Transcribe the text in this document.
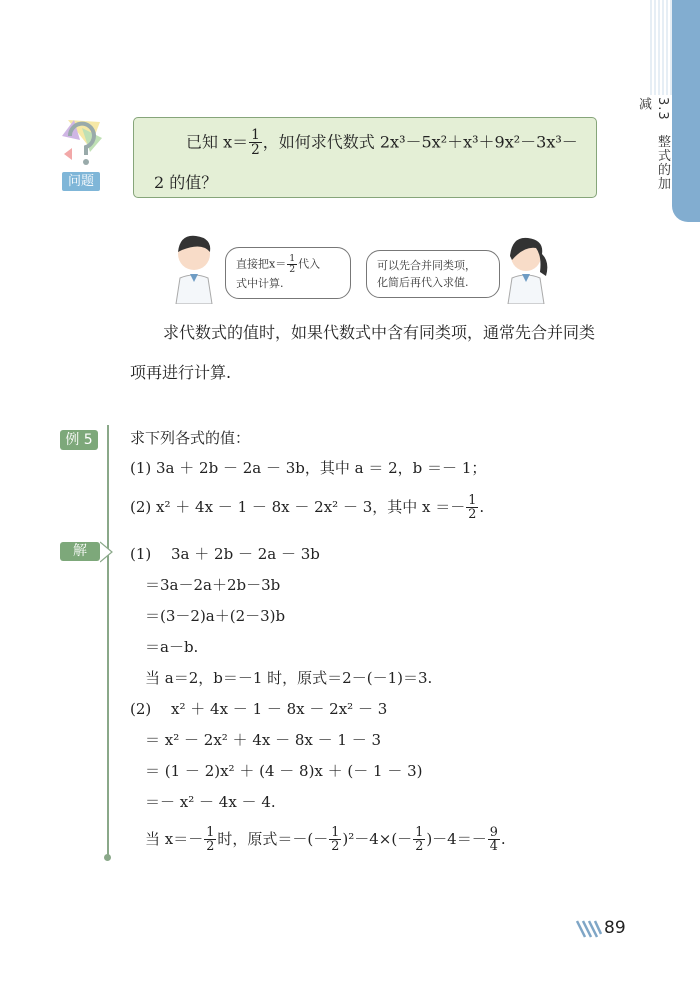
3.3　整式的加减
问题
已知 $x= \frac{1}{2}$ ，如何求代数式 2x³－5x²＋x³＋9x²－3x³－
2 的值？
直接把$x= \frac{1}{2}$ 代入
式中计算.
可以先合并同类项，
化简后再代入求值.
求代数式的值时，如果代数式中含有同类项，通常先合并同类
项再进行计算.
例 5	求下列各式的值：
(1) 3a ＋ 2b － 2a － 3b，其中 a ＝ 2，b ＝－ 1；
(2) x² ＋ 4x － 1 － 8x － 2x² － 3，其中 $x =- \frac{1}{2}$ .
解	(1)　 3a ＋ 2b － 2a － 3b
＝3a－2a＋2b－3b
＝(3－2)a＋(2－3)b
＝a－b.
当 a＝2，b＝－1 时，原式＝2－(－1)＝3.
(2)　 x² ＋ 4x － 1 － 8x － 2x² － 3
＝ x² － 2x² ＋ 4x － 8x － 1 － 3
＝ (1 － 2)x² ＋ (4 － 8)x ＋ (－ 1 － 3)
＝－ x² － 4x － 4.
当 $x=- \frac{1}{2}$ 时，原式＝－(－ $\frac{1}{2} )^2-4\times(- \frac{1}{2} )-4=- \frac{9}{4}$ .
89
